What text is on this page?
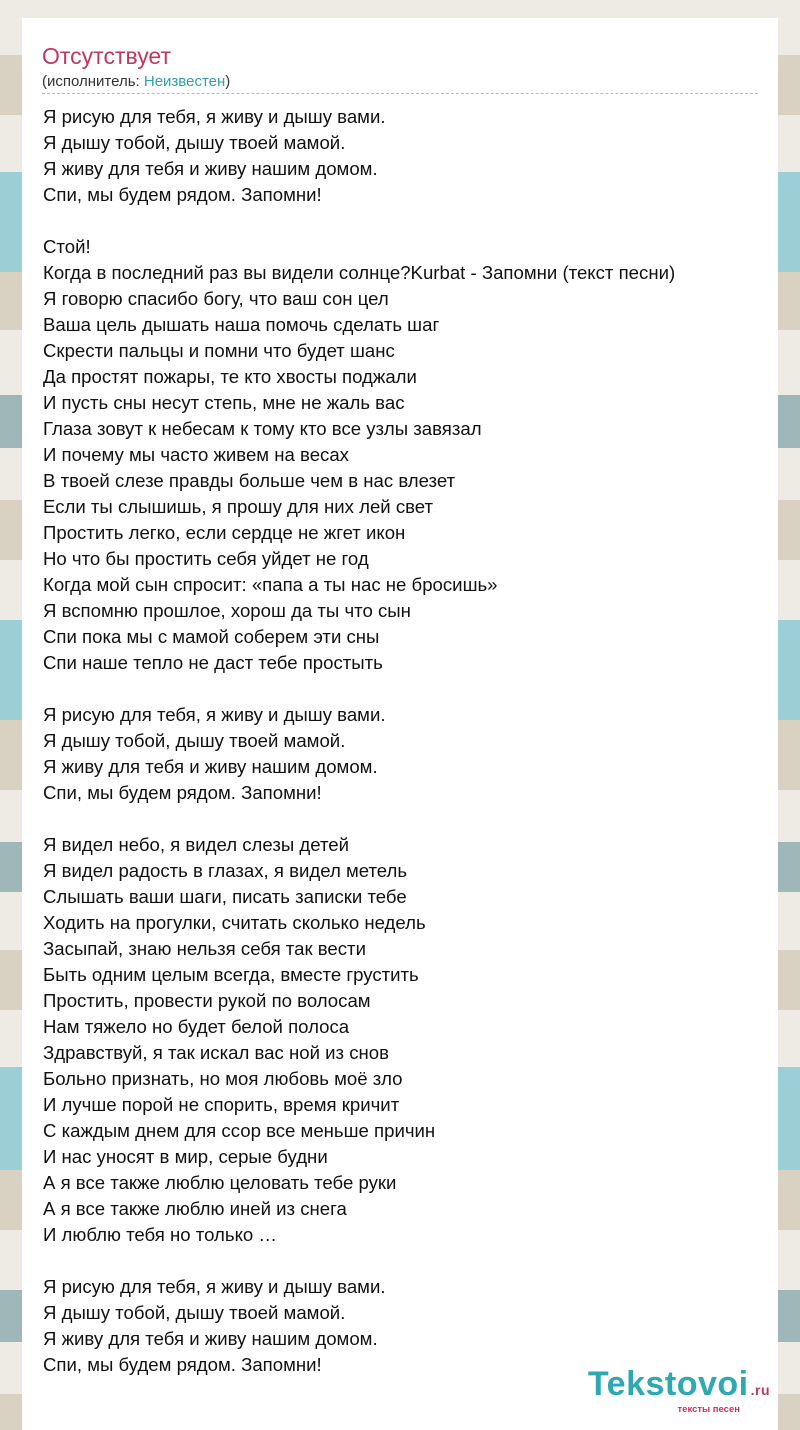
Отсутствует
(исполнитель: Неизвестен)
Я рисую для тебя, я живу и дышу вами.
Я дышу тобой, дышу твоей мамой.
Я живу для тебя и живу нашим домом.
Спи, мы будем рядом. Запомни!
Стой!
Когда в последний раз вы видели солнце?Kurbat - Запомни (текст песни)
Я говорю спасибо богу, что ваш сон цел
Ваша цель дышать наша помочь сделать шаг
Скрести пальцы и помни что будет шанс
Да простят пожары, те кто хвосты поджали
И пусть сны несут степь, мне не жаль вас
Глаза зовут к небесам к тому кто все узлы завязал
И почему мы часто живем на весах
В твоей слезе правды больше чем в нас влезет
Если ты слышишь, я прошу для них лей свет
Простить легко, если сердце не жгет икон
Но что бы простить себя уйдет не год
Когда мой сын спросит: «папа а ты нас не бросишь»
Я вспомню прошлое, хорош да ты что сын
Спи пока мы с мамой соберем эти сны
Спи наше тепло не даст тебе простыть
Я рисую для тебя, я живу и дышу вами.
Я дышу тобой, дышу твоей мамой.
Я живу для тебя и живу нашим домом.
Спи, мы будем рядом. Запомни!
Я видел небо, я видел слезы детей
Я видел радость в глазах, я видел метель
Слышать ваши шаги, писать записки тебе
Ходить на прогулки, считать сколько недель
Засыпай, знаю нельзя себя так вести
Быть одним целым всегда, вместе грустить
Простить, провести рукой по волосам
Нам тяжело но будет белой полоса
Здравствуй, я так искал вас ной из снов
Больно признать, но моя любовь моё зло
И лучше порой не спорить, время кричит
С каждым днем для ссор все меньше причин
И нас уносят в мир, серые будни
А я все также люблю целовать тебе руки
А я все также люблю иней из снега
И люблю тебя но только …
Я рисую для тебя, я живу и дышу вами.
Я дышу тобой, дышу твоей мамой.
Я живу для тебя и живу нашим домом.
Спи, мы будем рядом. Запомни!
Tekstovoi .ru
тексты песен
